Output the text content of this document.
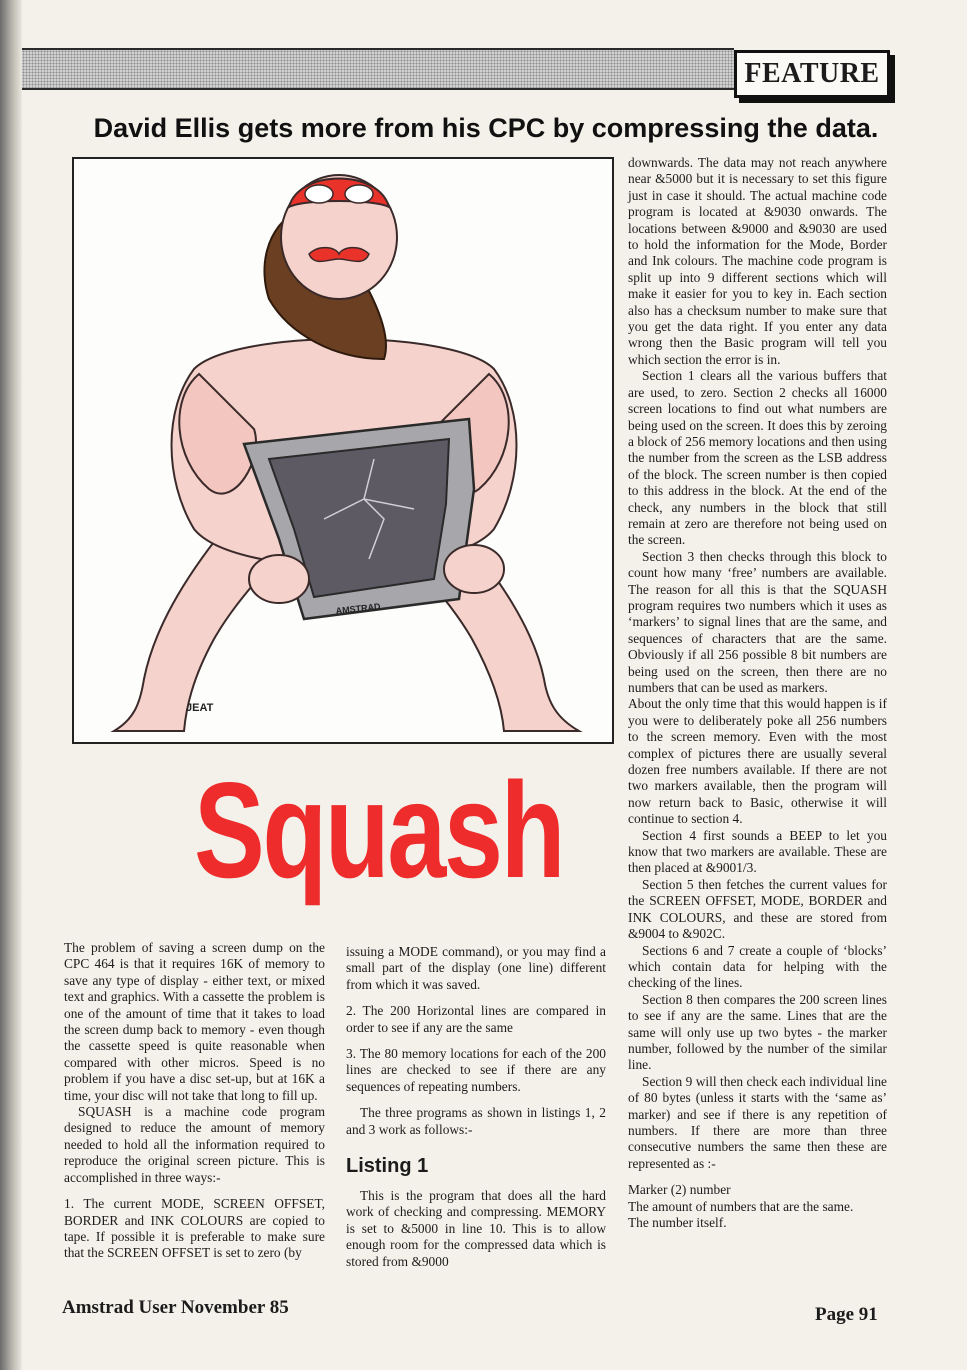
FEATURE
David Ellis gets more from his CPC by compressing the data.
AMSTRAD
JEAT
Squash

The problem of saving a screen dump on the CPC 464 is that it requires 16K of memory to save any type of display - either text, or mixed text and graphics. With a cassette the problem is one of the amount of time that it takes to load the screen dump back to memory - even though the cassette speed is quite reasonable when compared with other micros. Speed is no problem if you have a disc set-up, but at 16K a time, your disc will not take that long to fill up.

SQUASH is a machine code program designed to reduce the amount of memory needed to hold all the information required to reproduce the original screen picture. This is accomplished in three ways:-

1. The current MODE, SCREEN OFFSET, BORDER and INK COLOURS are copied to tape. If possible it is preferable to make sure that the SCREEN OFFSET is set to zero (by

issuing a MODE command), or you may find a small part of the display (one line) different from which it was saved.

2. The 200 Horizontal lines are compared in order to see if any are the same

3. The 80 memory locations for each of the 200 lines are checked to see if there are any sequences of repeating numbers.

The three programs as shown in listings 1, 2 and 3 work as follows:-

Listing 1

This is the program that does all the hard work of checking and compressing. MEMORY is set to &5000 in line 10. This is to allow enough room for the compressed data which is stored from &9000

downwards. The data may not reach anywhere near &5000 but it is necessary to set this figure just in case it should. The actual machine code program is located at &9030 onwards. The locations between &9000 and &9030 are used to hold the information for the Mode, Border and Ink colours. The machine code program is split up into 9 different sections which will make it easier for you to key in. Each section also has a checksum number to make sure that you get the data right. If you enter any data wrong then the Basic program will tell you which section the error is in.

Section 1 clears all the various buffers that are used, to zero. Section 2 checks all 16000 screen locations to find out what numbers are being used on the screen. It does this by zeroing a block of 256 memory locations and then using the number from the screen as the LSB address of the block. The screen number is then copied to this address in the block. At the end of the check, any numbers in the block that still remain at zero are therefore not being used on the screen.

Section 3 then checks through this block to count how many ‘free’ numbers are available. The reason for all this is that the SQUASH program requires two numbers which it uses as ‘markers’ to signal lines that are the same, and sequences of characters that are the same. Obviously if all 256 possible 8 bit numbers are being used on the screen, then there are no numbers that can be used as markers.

About the only time that this would happen is if you were to deliberately poke all 256 numbers to the screen memory. Even with the most complex of pictures there are usually several dozen free numbers available. If there are not two markers available, then the program will now return back to Basic, otherwise it will continue to section 4.

Section 4 first sounds a BEEP to let you know that two markers are available. These are then placed at &9001/3.

Section 5 then fetches the current values for the SCREEN OFFSET, MODE, BORDER and INK COLOURS, and these are stored from &9004 to &902C.

Sections 6 and 7 create a couple of ‘blocks’ which contain data for helping with the checking of the lines.

Section 8 then compares the 200 screen lines to see if any are the same. Lines that are the same will only use up two bytes - the marker number, followed by the number of the similar line.

Section 9 will then check each individual line of 80 bytes (unless it starts with the ‘same as’ marker) and see if there is any repetition of numbers. If there are more than three consecutive numbers the same then these are represented as :-

Marker (2) number

The amount of numbers that are the same.

The number itself.

Amstrad User November 85	Page 91
